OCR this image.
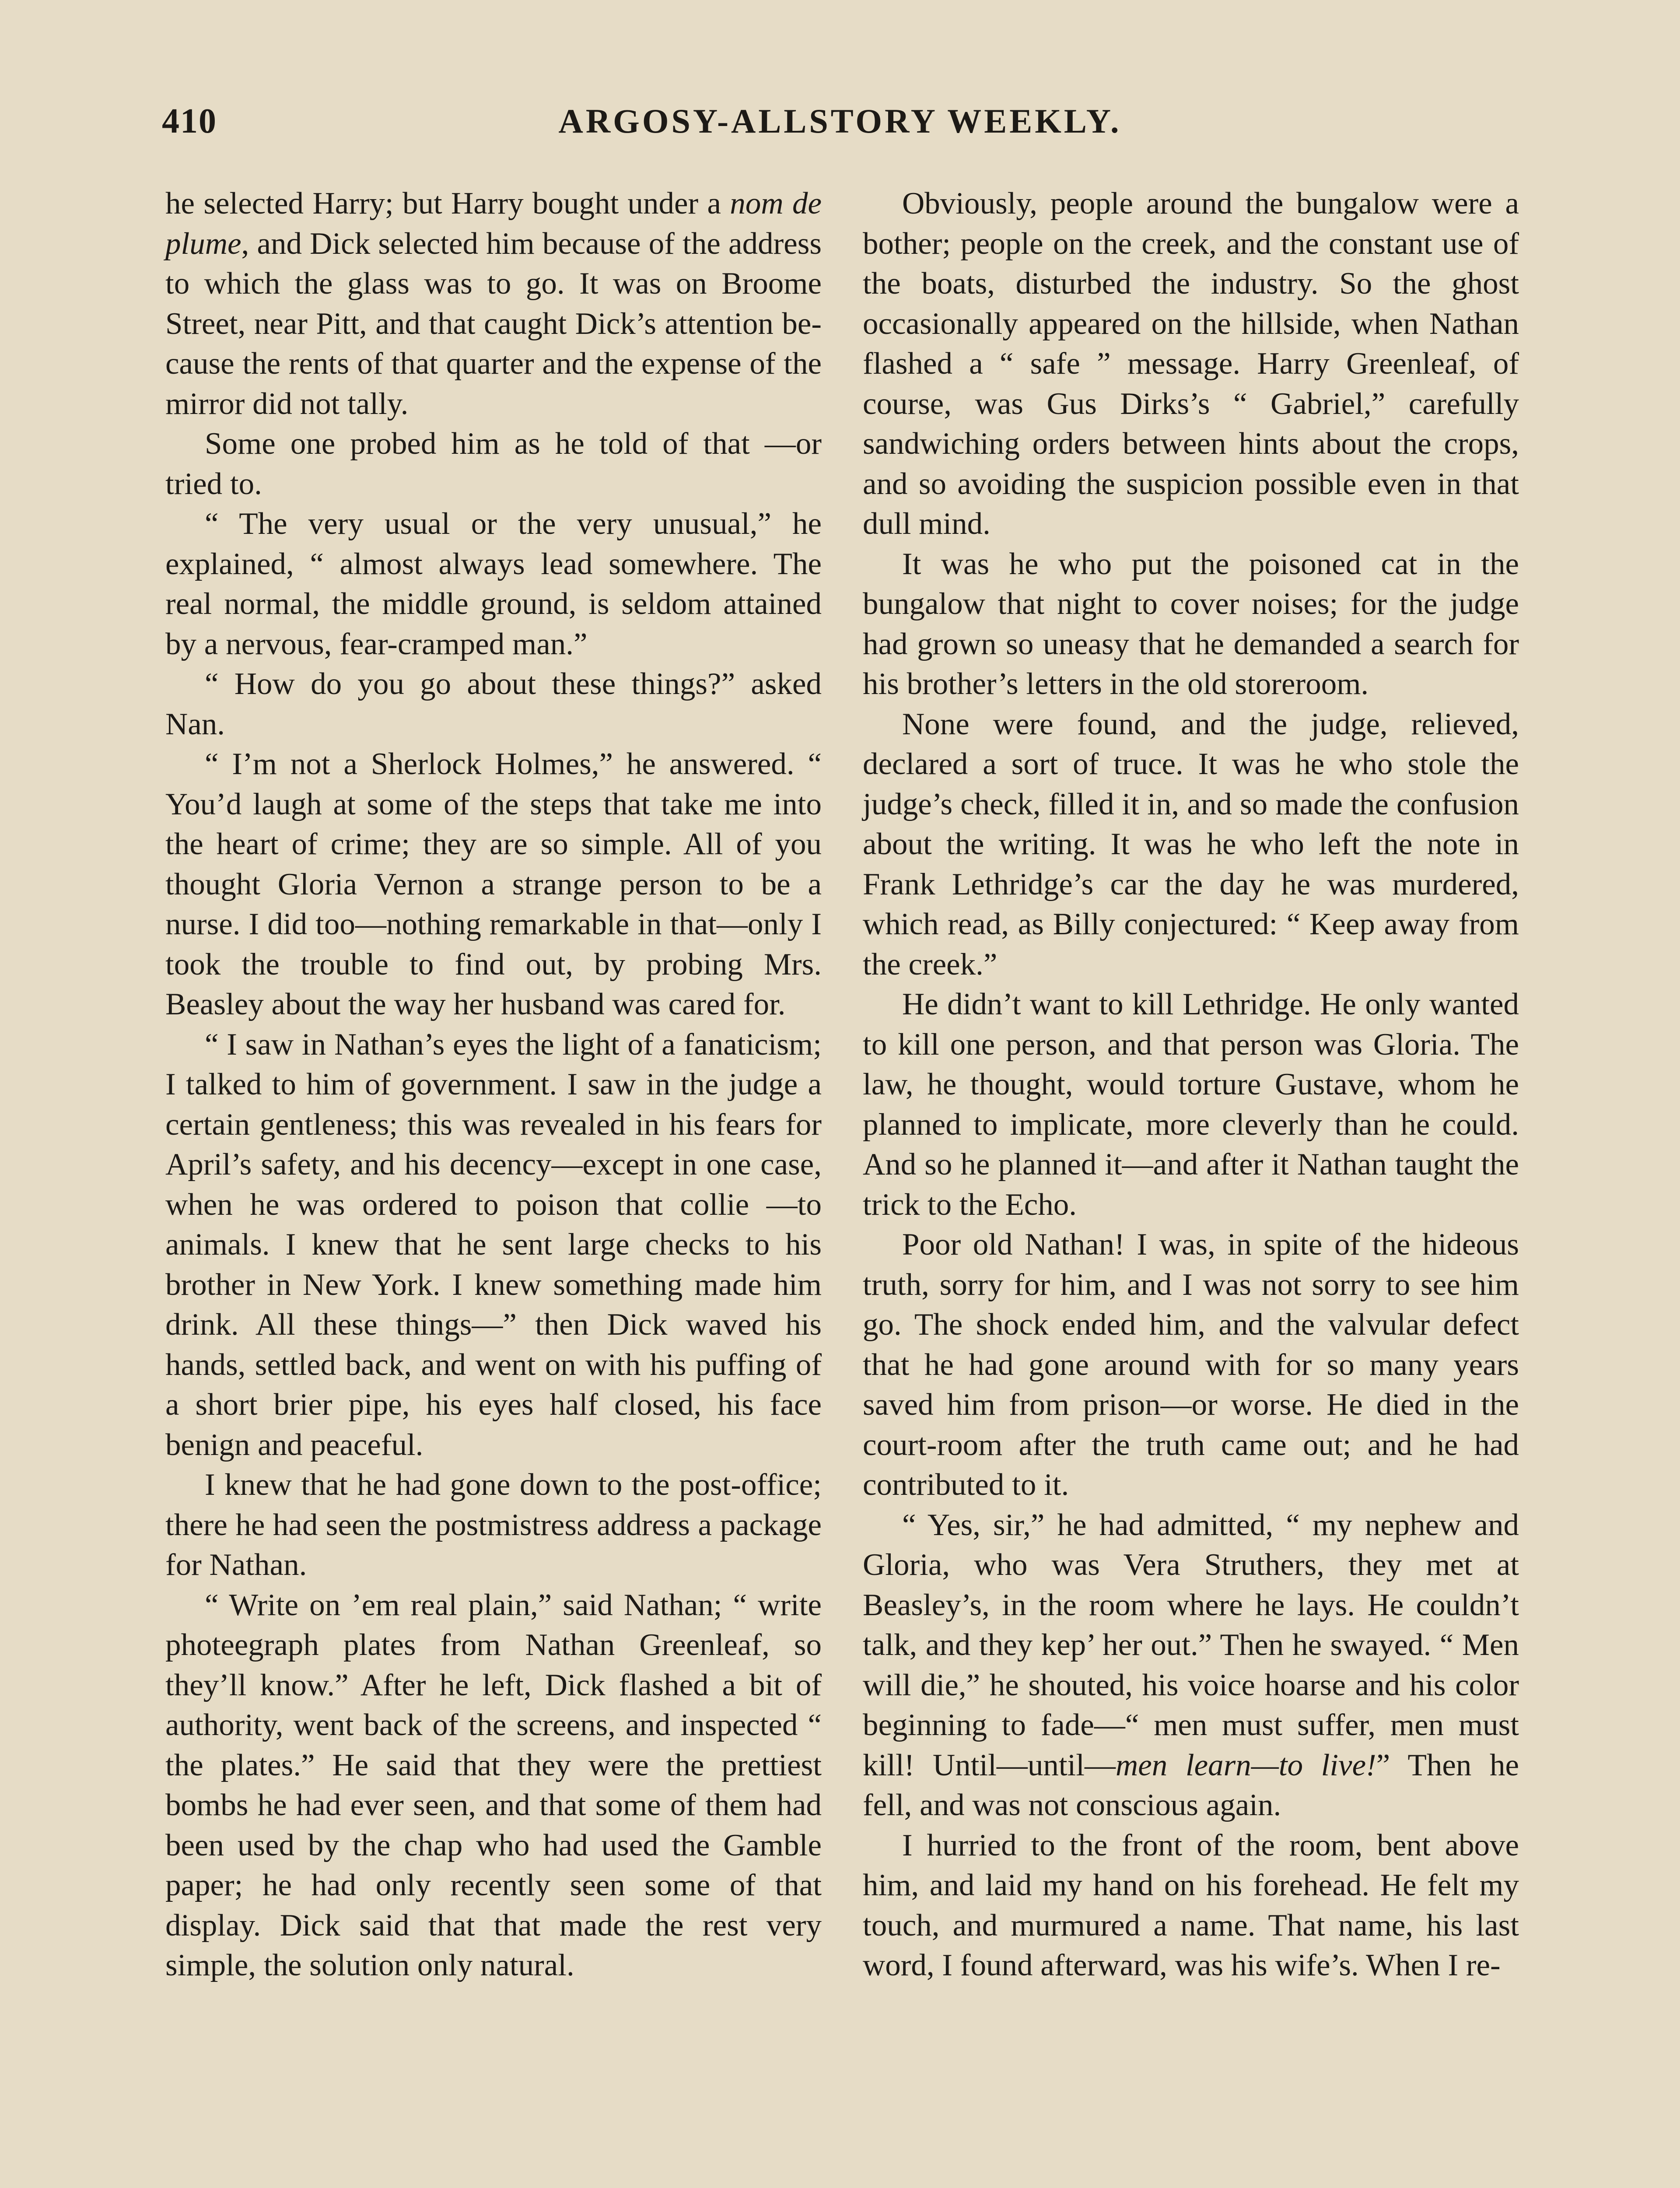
410	ARGOSY-ALLSTORY WEEKLY.

he selected Harry; but Harry bought under a nom de plume, and Dick selected him because of the address to which the glass was to go. It was on Broome Street, near Pitt, and that caught Dick’s attention because the rents of that quarter and the expense of the mirror did not tally.

Some one probed him as he told of that —or tried to.

“ The very usual or the very unusual,” he explained, “ almost always lead somewhere. The real normal, the middle ground, is seldom attained by a nervous, fear-cramped man.”

“ How do you go about these things?” asked Nan.

“ I’m not a Sherlock Holmes,” he answered. “ You’d laugh at some of the steps that take me into the heart of crime; they are so simple. All of you thought Gloria Vernon a strange person to be a nurse. I did too—nothing remarkable in that—only I took the trouble to find out, by probing Mrs. Beasley about the way her husband was cared for.

“ I saw in Nathan’s eyes the light of a fanaticism; I talked to him of government. I saw in the judge a certain gentleness; this was revealed in his fears for April’s safety, and his decency—except in one case, when he was ordered to poison that collie —to animals. I knew that he sent large checks to his brother in New York. I knew something made him drink. All these things—” then Dick waved his hands, settled back, and went on with his puffing of a short brier pipe, his eyes half closed, his face benign and peaceful.

I knew that he had gone down to the post-office; there he had seen the postmistress address a package for Nathan.

“ Write on ’em real plain,” said Nathan; “ write photeegraph plates from Nathan Greenleaf, so they’ll know.” After he left, Dick flashed a bit of authority, went back of the screens, and inspected “ the plates.” He said that they were the prettiest bombs he had ever seen, and that some of them had been used by the chap who had used the Gamble paper; he had only recently seen some of that display. Dick said that that made the rest very simple, the solution only natural.

Obviously, people around the bungalow were a bother; people on the creek, and the constant use of the boats, disturbed the industry. So the ghost occasionally appeared on the hillside, when Nathan flashed a “ safe ” message. Harry Greenleaf, of course, was Gus Dirks’s “ Gabriel,” carefully sandwiching orders between hints about the crops, and so avoiding the suspicion possible even in that dull mind.

It was he who put the poisoned cat in the bungalow that night to cover noises; for the judge had grown so uneasy that he demanded a search for his brother’s letters in the old storeroom.

None were found, and the judge, relieved, declared a sort of truce. It was he who stole the judge’s check, filled it in, and so made the confusion about the writing. It was he who left the note in Frank Lethridge’s car the day he was murdered, which read, as Billy conjectured: “ Keep away from the creek.”

He didn’t want to kill Lethridge. He only wanted to kill one person, and that person was Gloria. The law, he thought, would torture Gustave, whom he planned to implicate, more cleverly than he could. And so he planned it—and after it Nathan taught the trick to the Echo.

Poor old Nathan! I was, in spite of the hideous truth, sorry for him, and I was not sorry to see him go. The shock ended him, and the valvular defect that he had gone around with for so many years saved him from prison—or worse. He died in the court-room after the truth came out; and he had contributed to it.

“ Yes, sir,” he had admitted, “ my nephew and Gloria, who was Vera Struthers, they met at Beasley’s, in the room where he lays. He couldn’t talk, and they kep’ her out.” Then he swayed. “ Men will die,” he shouted, his voice hoarse and his color beginning to fade—“ men must suffer, men must kill! Until—until—men learn—to live!” Then he fell, and was not conscious again.

I hurried to the front of the room, bent above him, and laid my hand on his forehead. He felt my touch, and murmured a name. That name, his last word, I found afterward, was his wife’s. When I re-
